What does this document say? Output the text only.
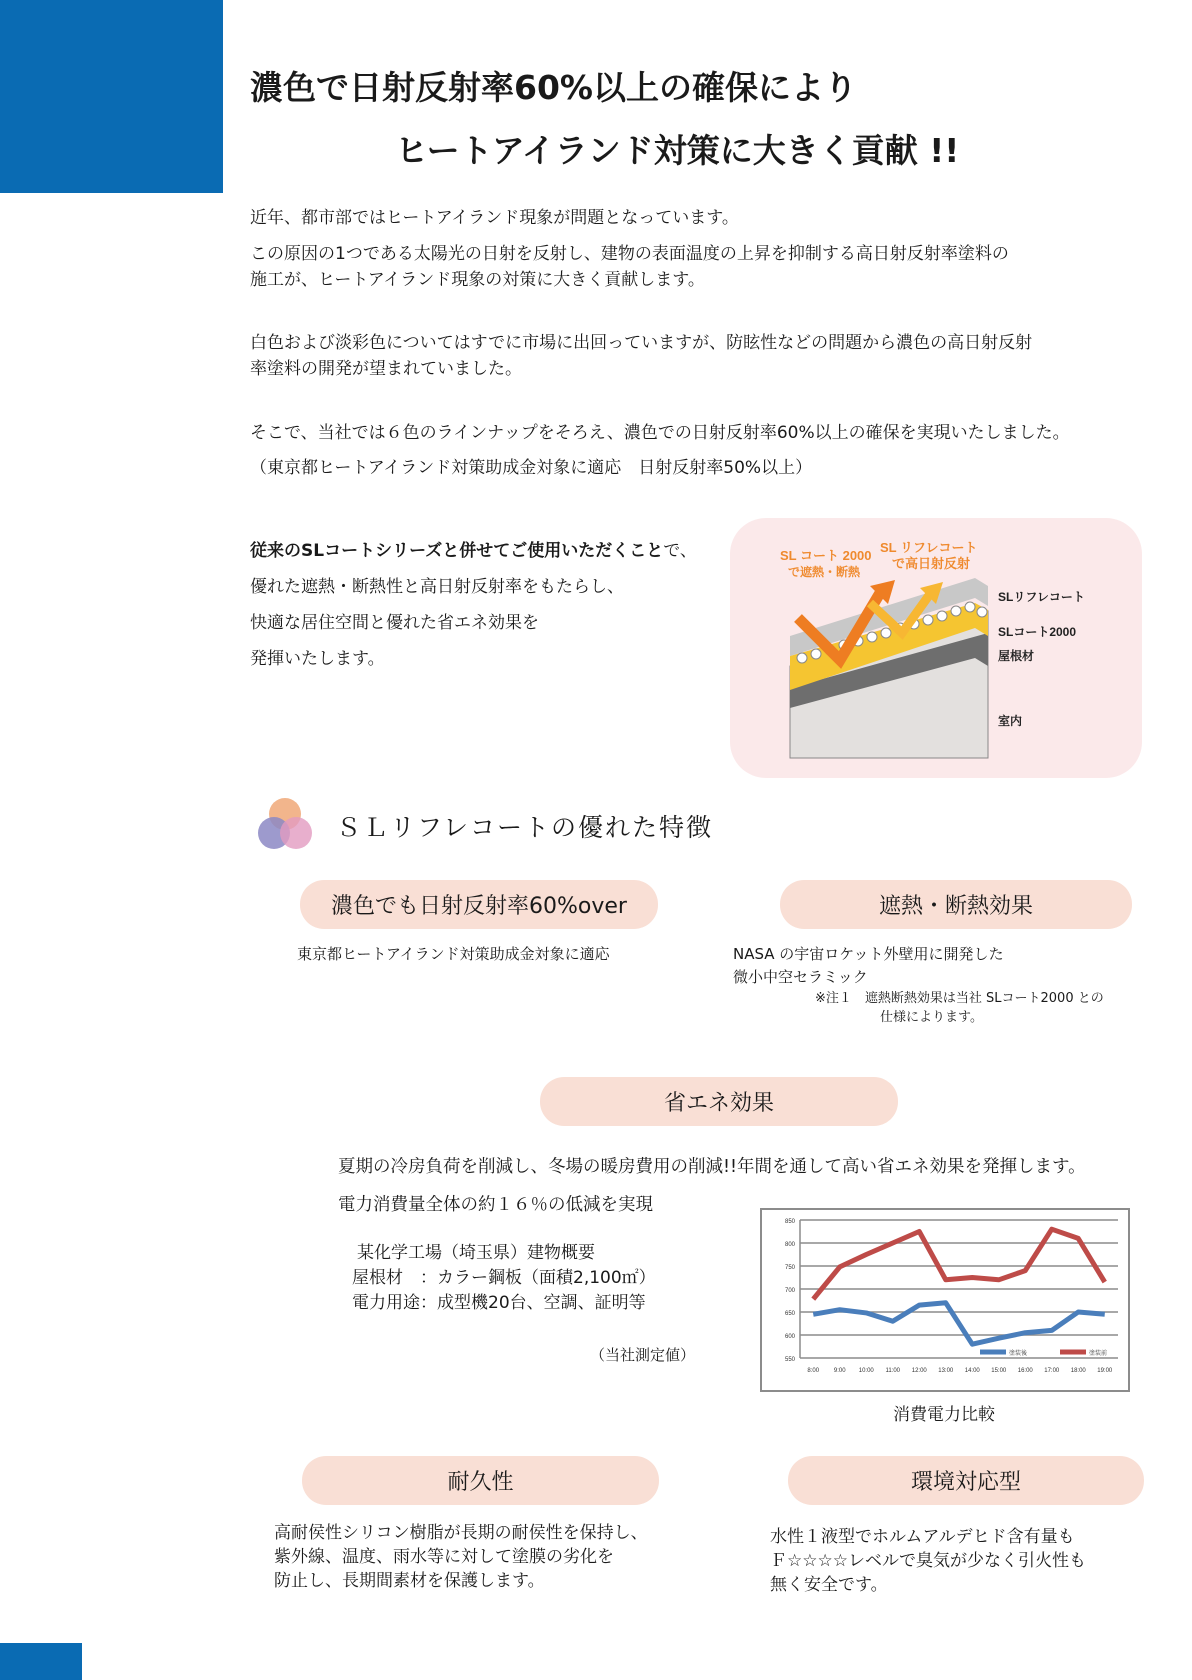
濃色で日射反射率60%以上の確保により
ヒートアイランド対策に大きく貢献 !!
近年、都市部ではヒートアイランド現象が問題となっています。
この原因の1つである太陽光の日射を反射し、建物の表面温度の上昇を抑制する高日射反射率塗料の
施工が、ヒートアイランド現象の対策に大きく貢献します。
白色および淡彩色についてはすでに市場に出回っていますが、防眩性などの問題から濃色の高日射反射
率塗料の開発が望まれていました。
そこで、当社では６色のラインナップをそろえ、濃色での日射反射率60%以上の確保を実現いたしました。
（東京都ヒートアイランド対策助成金対象に適応　日射反射率50%以上）
従来のSLコートシリーズと併せてご使用いただくことで、
優れた遮熱・断熱性と高日射反射率をもたらし、
快適な居住空間と優れた省エネ効果を
発揮いたします。
SL コート 2000
で遮熱・断熱
SL リフレコート
で高日射反射
SLリフレコート
SLコート2000
屋根材
室内
ＳＬリフレコートの優れた特徴
濃色でも日射反射率60%over	遮熱・断熱効果
東京都ヒートアイランド対策助成金対象に適応	NASA の宇宙ロケット外壁用に開発した
微小中空セラミック
※注１　遮熱断熱効果は当社 SLコート2000 との
仕様によります。
省エネ効果
夏期の冷房負荷を削減し、冬場の暖房費用の削減!!年間を通して高い省エネ効果を発揮します。
電力消費量全体の約１６％の低減を実現
某化学工場（埼玉県）建物概要
屋根材　：カラー鋼板（面積2,100㎡）
電力用途：成型機20台、空調、証明等
（当社測定値）	550
600
650
700
750
800
850
8:00 9:00 10:00 11:00 12:00 13:00 14:00 15:00 16:00 17:00 18:00 19:00
塗装後	塗装前
消費電力比較
耐久性	環境対応型
高耐侯性シリコン樹脂が長期の耐侯性を保持し、
紫外線、温度、雨水等に対して塗膜の劣化を
防止し、長期間素材を保護します。
水性１液型でホルムアルデヒド含有量も
Ｆ☆☆☆☆レベルで臭気が少なく引火性も
無く安全です。
